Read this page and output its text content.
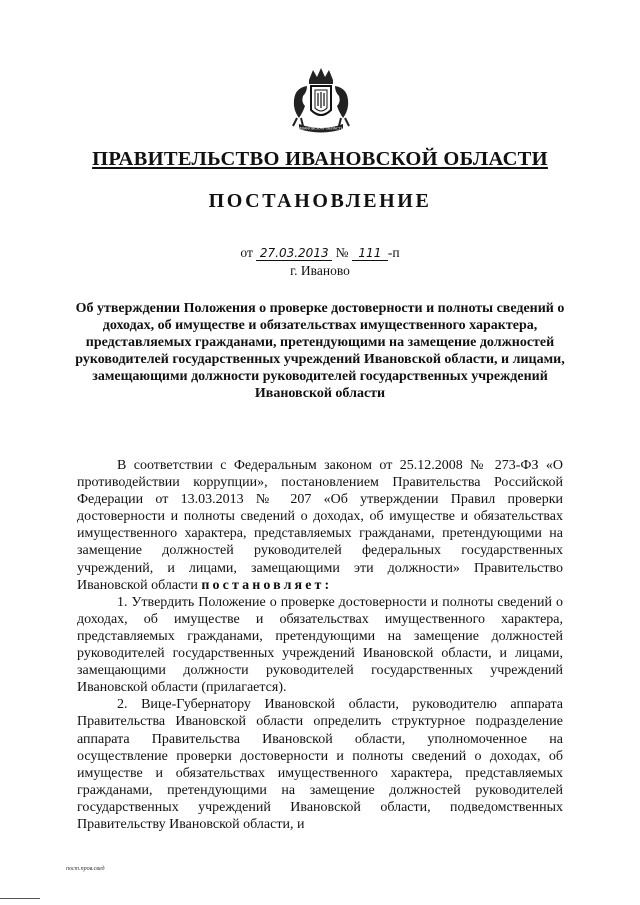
ИВАНОВСКАЯ ОБЛАСТЬ
ПРАВИТЕЛЬСТВО ИВАНОВСКОЙ ОБЛАСТИ
ПОСТАНОВЛЕНИЕ
от 27.03.2013 № 111 -п
г. Иваново
Об утверждении Положения о проверке достоверности и полноты сведений о доходах, об имуществе и обязательствах имущественного характера, представляемых гражданами, претендующими на замещение должностей руководителей государственных учреждений Ивановской области, и лицами, замещающими должности руководителей государственных учреждений Ивановской области

В соответствии с Федеральным законом от 25.12.2008 № 273-ФЗ «О противодействии коррупции», постановлением Правительства Российской Федерации от 13.03.2013 № 207 «Об утверждении Правил проверки достоверности и полноты сведений о доходах, об имуществе и обязательствах имущественного характера, представляемых гражданами, претендующими на замещение должностей руководителей федеральных государственных учреждений, и лицами, замещающими эти должности» Правительство Ивановской области постановляет:

1. Утвердить Положение о проверке достоверности и полноты сведений о доходах, об имуществе и обязательствах имущественного характера, представляемых гражданами, претендующими на замещение должностей руководителей государственных учреждений Ивановской области, и лицами, замещающими должности руководителей государственных учреждений Ивановской области (прилагается).

2. Вице-Губернатору Ивановской области, руководителю аппарата Правительства Ивановской области определить структурное подразделение аппарата Правительства Ивановской области, уполномоченное на осуществление проверки достоверности и полноты сведений о доходах, об имуществе и обязательствах имущественного характера, представляемых гражданами, претендующими на замещение должностей руководителей государственных учреждений Ивановской области, подведомственных Правительству Ивановской области, и

пост.пров.свед
